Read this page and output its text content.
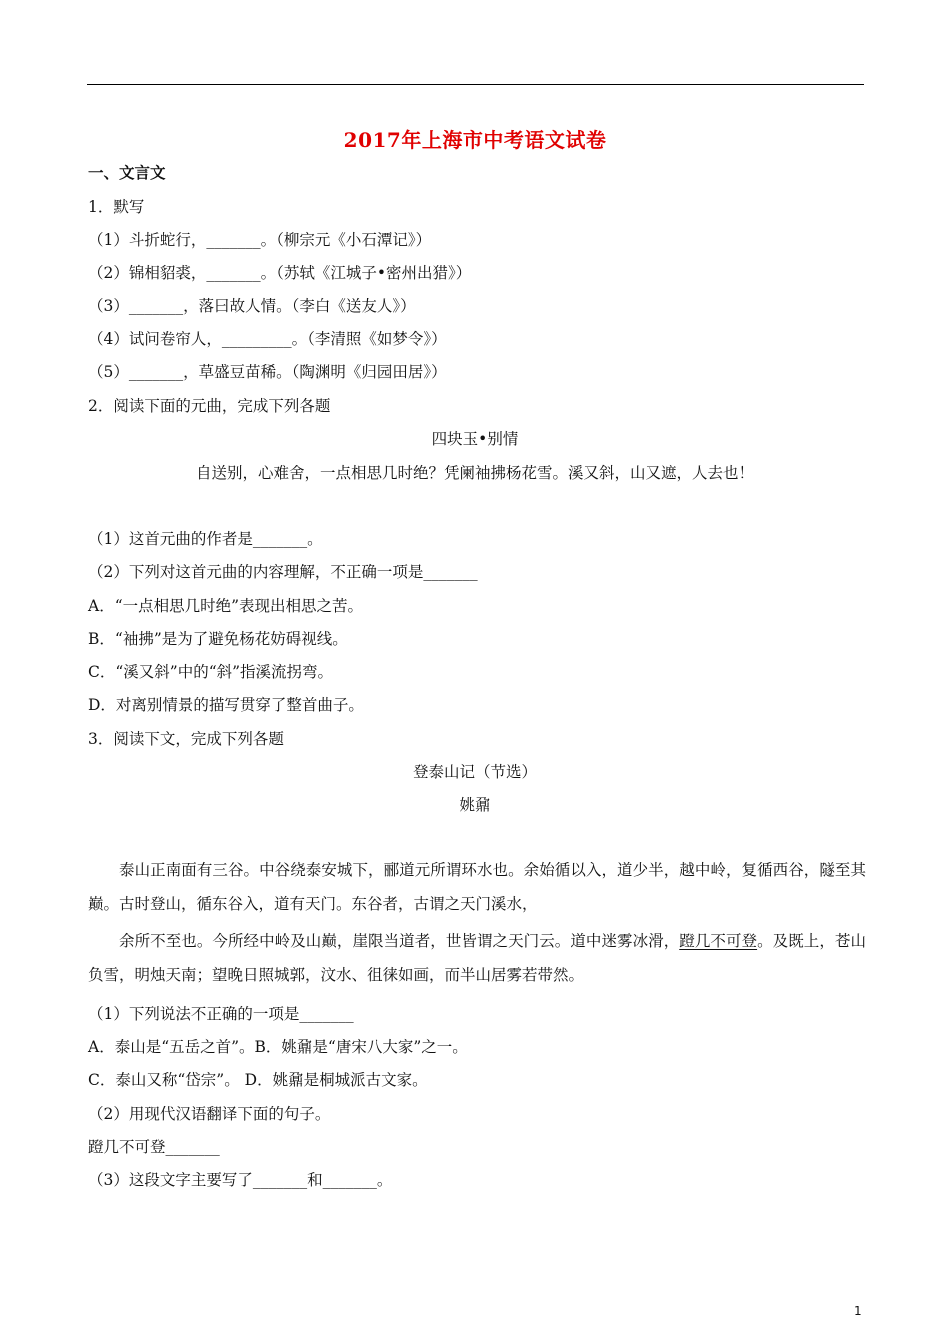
2017年上海市中考语文试卷
一、文言文
1．默写
（1）斗折蛇行，_______。（柳宗元《小石潭记》）
（2）锦相貂裘，_______。（苏轼《江城子•密州出猎》）
（3）_______，落曰故人情。（李白《送友人》）
（4）试问卷帘人，_________。（李清照《如梦令》）
（5）_______，草盛豆苗稀。（陶渊明《归园田居》）
2．阅读下面的元曲，完成下列各题
四块玉•别情
自送别，心难舍，一点相思几时绝？凭阑袖拂杨花雪。溪又斜，山又遮，人去也！
（1）这首元曲的作者是_______。
（2）下列对这首元曲的内容理解，不正确一项是_______
A．“一点相思几时绝”表现出相思之苦。
B．“袖拂”是为了避免杨花妨碍视线。
C．“溪又斜”中的“斜”指溪流拐弯。
D．对离别情景的描写贯穿了整首曲子。
3．阅读下文，完成下列各题
登泰山记（节选）
姚鼐
泰山正南面有三谷。中谷绕泰安城下，郦道元所谓环水也。余始循以入，道少半，越中岭，复循西谷，隧至其巅。古时登山，循东谷入，道有天门。东谷者，古谓之天门溪水，
余所不至也。今所经中岭及山巅，崖限当道者，世皆谓之天门云。道中迷雾冰滑，蹬几不可登。及既上，苍山负雪，明烛天南；望晚日照城郭，汶水、徂徕如画，而半山居雾若带然。
（1）下列说法不正确的一项是_______
A．泰山是“五岳之首”。B．姚鼐是“唐宋八大家”之一。
C．泰山又称“岱宗”。 D．姚鼐是桐城派古文家。
（2）用现代汉语翻译下面的句子。
蹬几不可登_______
（3）这段文字主要写了_______和_______。
1
